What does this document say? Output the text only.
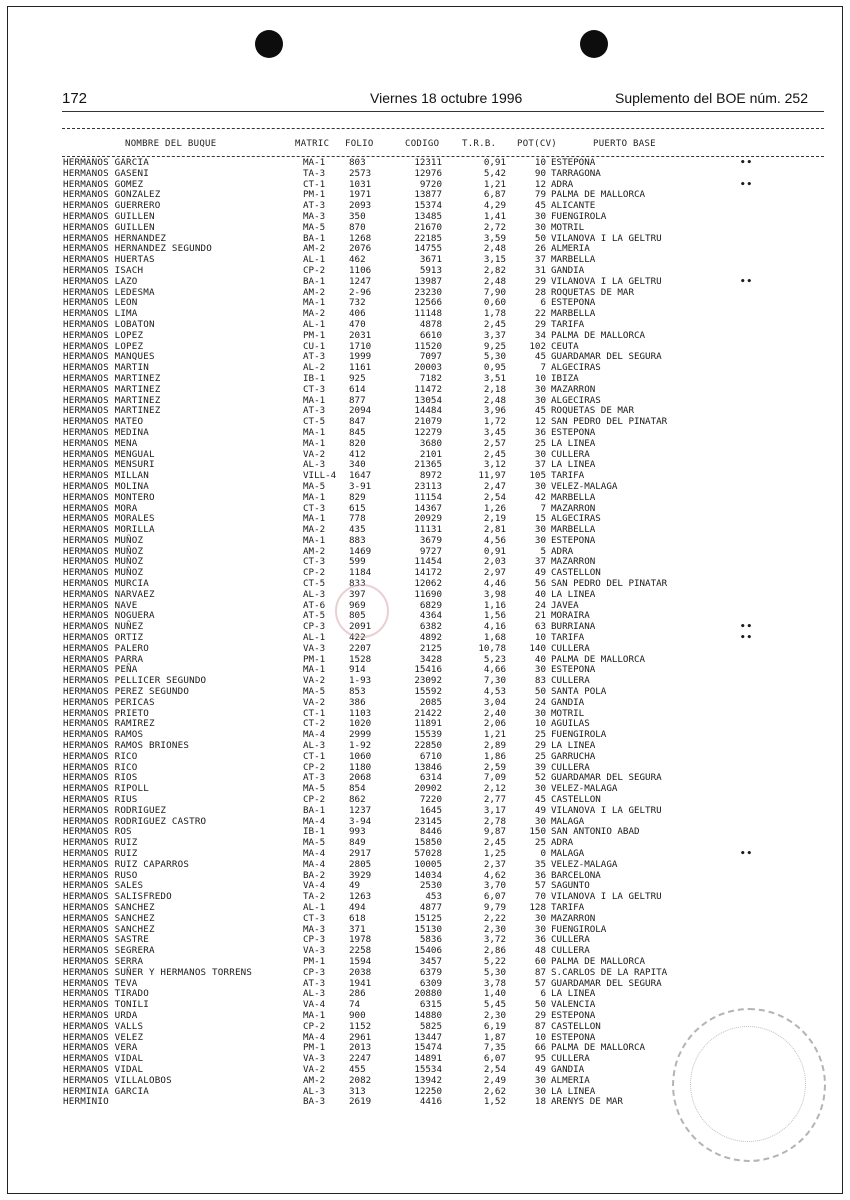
172	Viernes 18 octubre 1996	Suplemento del BOE núm. 252
NOMBRE DEL BUQUE	MATRIC FOLIO	CODIGO	T.R.B. POT(CV)	PUERTO BASE
HERMANOS GARCIA	MA-1	803	12311	0,91	10 ESTEPONA	••
HERMANOS GASENI	TA-3	2573	12976	5,42	90 TARRAGONA
HERMANOS GOMEZ	CT-1	1031	9720	1,21	12 ADRA	••
HERMANOS GONZALEZ	PM-1	1971	13877	6,87	79 PALMA DE MALLORCA
HERMANOS GUERRERO	AT-3	2093	15374	4,29	45 ALICANTE
HERMANOS GUILLEN	MA-3	350	13485	1,41	30 FUENGIROLA
HERMANOS GUILLEN	MA-5	870	21670	2,72	30 MOTRIL
HERMANOS HERNANDEZ	BA-1	1268	22185	3,59	50 VILANOVA I LA GELTRU
HERMANOS HERNANDEZ SEGUNDO	AM-2	2076	14755	2,48	26 ALMERIA
HERMANOS HUERTAS	AL-1	462	3671	3,15	37 MARBELLA
HERMANOS ISACH	CP-2	1106	5913	2,82	31 GANDIA
HERMANOS LAZO	BA-1	1247	13987	2,48	29 VILANOVA I LA GELTRU	••
HERMANOS LEDESMA	AM-2	2-96	23230	7,90	28 ROQUETAS DE MAR
HERMANOS LEON	MA-1	732	12566	0,60	6 ESTEPONA
HERMANOS LIMA	MA-2	406	11148	1,78	22 MARBELLA
HERMANOS LOBATON	AL-1	470	4878	2,45	29 TARIFA
HERMANOS LOPEZ	PM-1	2031	6610	3,37	34 PALMA DE MALLORCA
HERMANOS LOPEZ	CU-1	1710	11520	9,25	102 CEUTA
HERMANOS MANQUES	AT-3	1999	7097	5,30	45 GUARDAMAR DEL SEGURA
HERMANOS MARTIN	AL-2	1161	20003	0,95	7 ALGECIRAS
HERMANOS MARTINEZ	IB-1	925	7182	3,51	10 IBIZA
HERMANOS MARTINEZ	CT-3	614	11472	2,18	30 MAZARRON
HERMANOS MARTINEZ	MA-1	877	13054	2,48	30 ALGECIRAS
HERMANOS MARTINEZ	AT-3	2094	14484	3,96	45 ROQUETAS DE MAR
HERMANOS MATEO	CT-5	847	21079	1,72	12 SAN PEDRO DEL PINATAR
HERMANOS MEDINA	MA-1	845	12279	3,45	36 ESTEPONA
HERMANOS MENA	MA-1	820	3680	2,57	25 LA LINEA
HERMANOS MENGUAL	VA-2	412	2101	2,45	30 CULLERA
HERMANOS MENSURI	AL-3	340	21365	3,12	37 LA LINEA
HERMANOS MILLAN	VILL-4 1647	8972	11,97	105 TARIFA
HERMANOS MOLINA	MA-5	3-91	23113	2,47	30 VELEZ-MALAGA
HERMANOS MONTERO	MA-1	829	11154	2,54	42 MARBELLA
HERMANOS MORA	CT-3	615	14367	1,26	7 MAZARRON
HERMANOS MORALES	MA-1	778	20929	2,19	15 ALGECIRAS
HERMANOS MORILLA	MA-2	435	11131	2,81	30 MARBELLA
HERMANOS MUÑOZ	MA-1	883	3679	4,56	30 ESTEPONA
HERMANOS MUÑOZ	AM-2	1469	9727	0,91	5 ADRA
HERMANOS MUÑOZ	CT-3	599	11454	2,03	37 MAZARRON
HERMANOS MUÑOZ	CP-2	1184	14172	2,97	49 CASTELLON
HERMANOS MURCIA	CT-5	833	12062	4,46	56 SAN PEDRO DEL PINATAR
HERMANOS NARVAEZ	AL-3	397	11690	3,98	40 LA LINEA
HERMANOS NAVE	AT-6	969	6829	1,16	24 JAVEA
HERMANOS NOGUERA	AT-5	805	4364	1,56	21 MORAIRA
HERMANOS NUÑEZ	CP-3	2091	6382	4,16	63 BURRIANA	••
HERMANOS ORTIZ	AL-1	422	4892	1,68	10 TARIFA	••
HERMANOS PALERO	VA-3	2207	2125	10,78	140 CULLERA
HERMANOS PARRA	PM-1	1528	3428	5,23	40 PALMA DE MALLORCA
HERMANOS PEÑA	MA-1	914	15416	4,66	30 ESTEPONA
HERMANOS PELLICER SEGUNDO	VA-2	1-93	23092	7,30	83 CULLERA
HERMANOS PEREZ SEGUNDO	MA-5	853	15592	4,53	50 SANTA POLA
HERMANOS PERICAS	VA-2	386	2085	3,04	24 GANDIA
HERMANOS PRIETO	CT-1	1103	21422	2,40	30 MOTRIL
HERMANOS RAMIREZ	CT-2	1020	11891	2,06	10 AGUILAS
HERMANOS RAMOS	MA-4	2999	15539	1,21	25 FUENGIROLA
HERMANOS RAMOS BRIONES	AL-3	1-92	22850	2,89	29 LA LINEA
HERMANOS RICO	CT-1	1060	6710	1,86	25 GARRUCHA
HERMANOS RICO	CP-2	1180	13846	2,59	39 CULLERA
HERMANOS RIOS	AT-3	2068	6314	7,09	52 GUARDAMAR DEL SEGURA
HERMANOS RIPOLL	MA-5	854	20902	2,12	30 VELEZ-MALAGA
HERMANOS RIUS	CP-2	862	7220	2,77	45 CASTELLON
HERMANOS RODRIGUEZ	BA-1	1237	1645	3,17	49 VILANOVA I LA GELTRU
HERMANOS RODRIGUEZ CASTRO	MA-4	3-94	23145	2,78	30 MALAGA
HERMANOS ROS	IB-1	993	8446	9,87	150 SAN ANTONIO ABAD
HERMANOS RUIZ	MA-5	849	15850	2,45	25 ADRA
HERMANOS RUIZ	MA-4	2917	57028	1,25	0 MALAGA	••
HERMANOS RUIZ CAPARROS	MA-4	2805	10005	2,37	35 VELEZ-MALAGA
HERMANOS RUSO	BA-2	3929	14034	4,62	36 BARCELONA
HERMANOS SALES	VA-4	49	2530	3,70	57 SAGUNTO
HERMANOS SALISFREDO	TA-2	1263	453	6,07	70 VILANOVA I LA GELTRU
HERMANOS SANCHEZ	AL-1	494	4877	9,79	128 TARIFA
HERMANOS SANCHEZ	CT-3	618	15125	2,22	30 MAZARRON
HERMANOS SANCHEZ	MA-3	371	15130	2,30	30 FUENGIROLA
HERMANOS SASTRE	CP-3	1978	5836	3,72	36 CULLERA
HERMANOS SEGRERA	VA-3	2258	15406	2,86	48 CULLERA
HERMANOS SERRA	PM-1	1594	3457	5,22	60 PALMA DE MALLORCA
HERMANOS SUÑER Y HERMANOS TORRENS	CP-3	2038	6379	5,30	87 S.CARLOS DE LA RAPITA
HERMANOS TEVA	AT-3	1941	6309	3,78	57 GUARDAMAR DEL SEGURA
HERMANOS TIRADO	AL-3	286	20880	1,40	6 LA LINEA
HERMANOS TONILI	VA-4	74	6315	5,45	50 VALENCIA
HERMANOS URDA	MA-1	900	14880	2,30	29 ESTEPONA
HERMANOS VALLS	CP-2	1152	5825	6,19	87 CASTELLON
HERMANOS VELEZ	MA-4	2961	13447	1,87	10 ESTEPONA
HERMANOS VERA	PM-1	2013	15474	7,35	66 PALMA DE MALLORCA
HERMANOS VIDAL	VA-3	2247	14891	6,07	95 CULLERA
HERMANOS VIDAL	VA-2	455	15534	2,54	49 GANDIA
HERMANOS VILLALOBOS	AM-2	2082	13942	2,49	30 ALMERIA
HERMINIA GARCIA	AL-3	313	12250	2,62	30 LA LINEA
HERMINIO	BA-3	2619	4416	1,52	18 ARENYS DE MAR
